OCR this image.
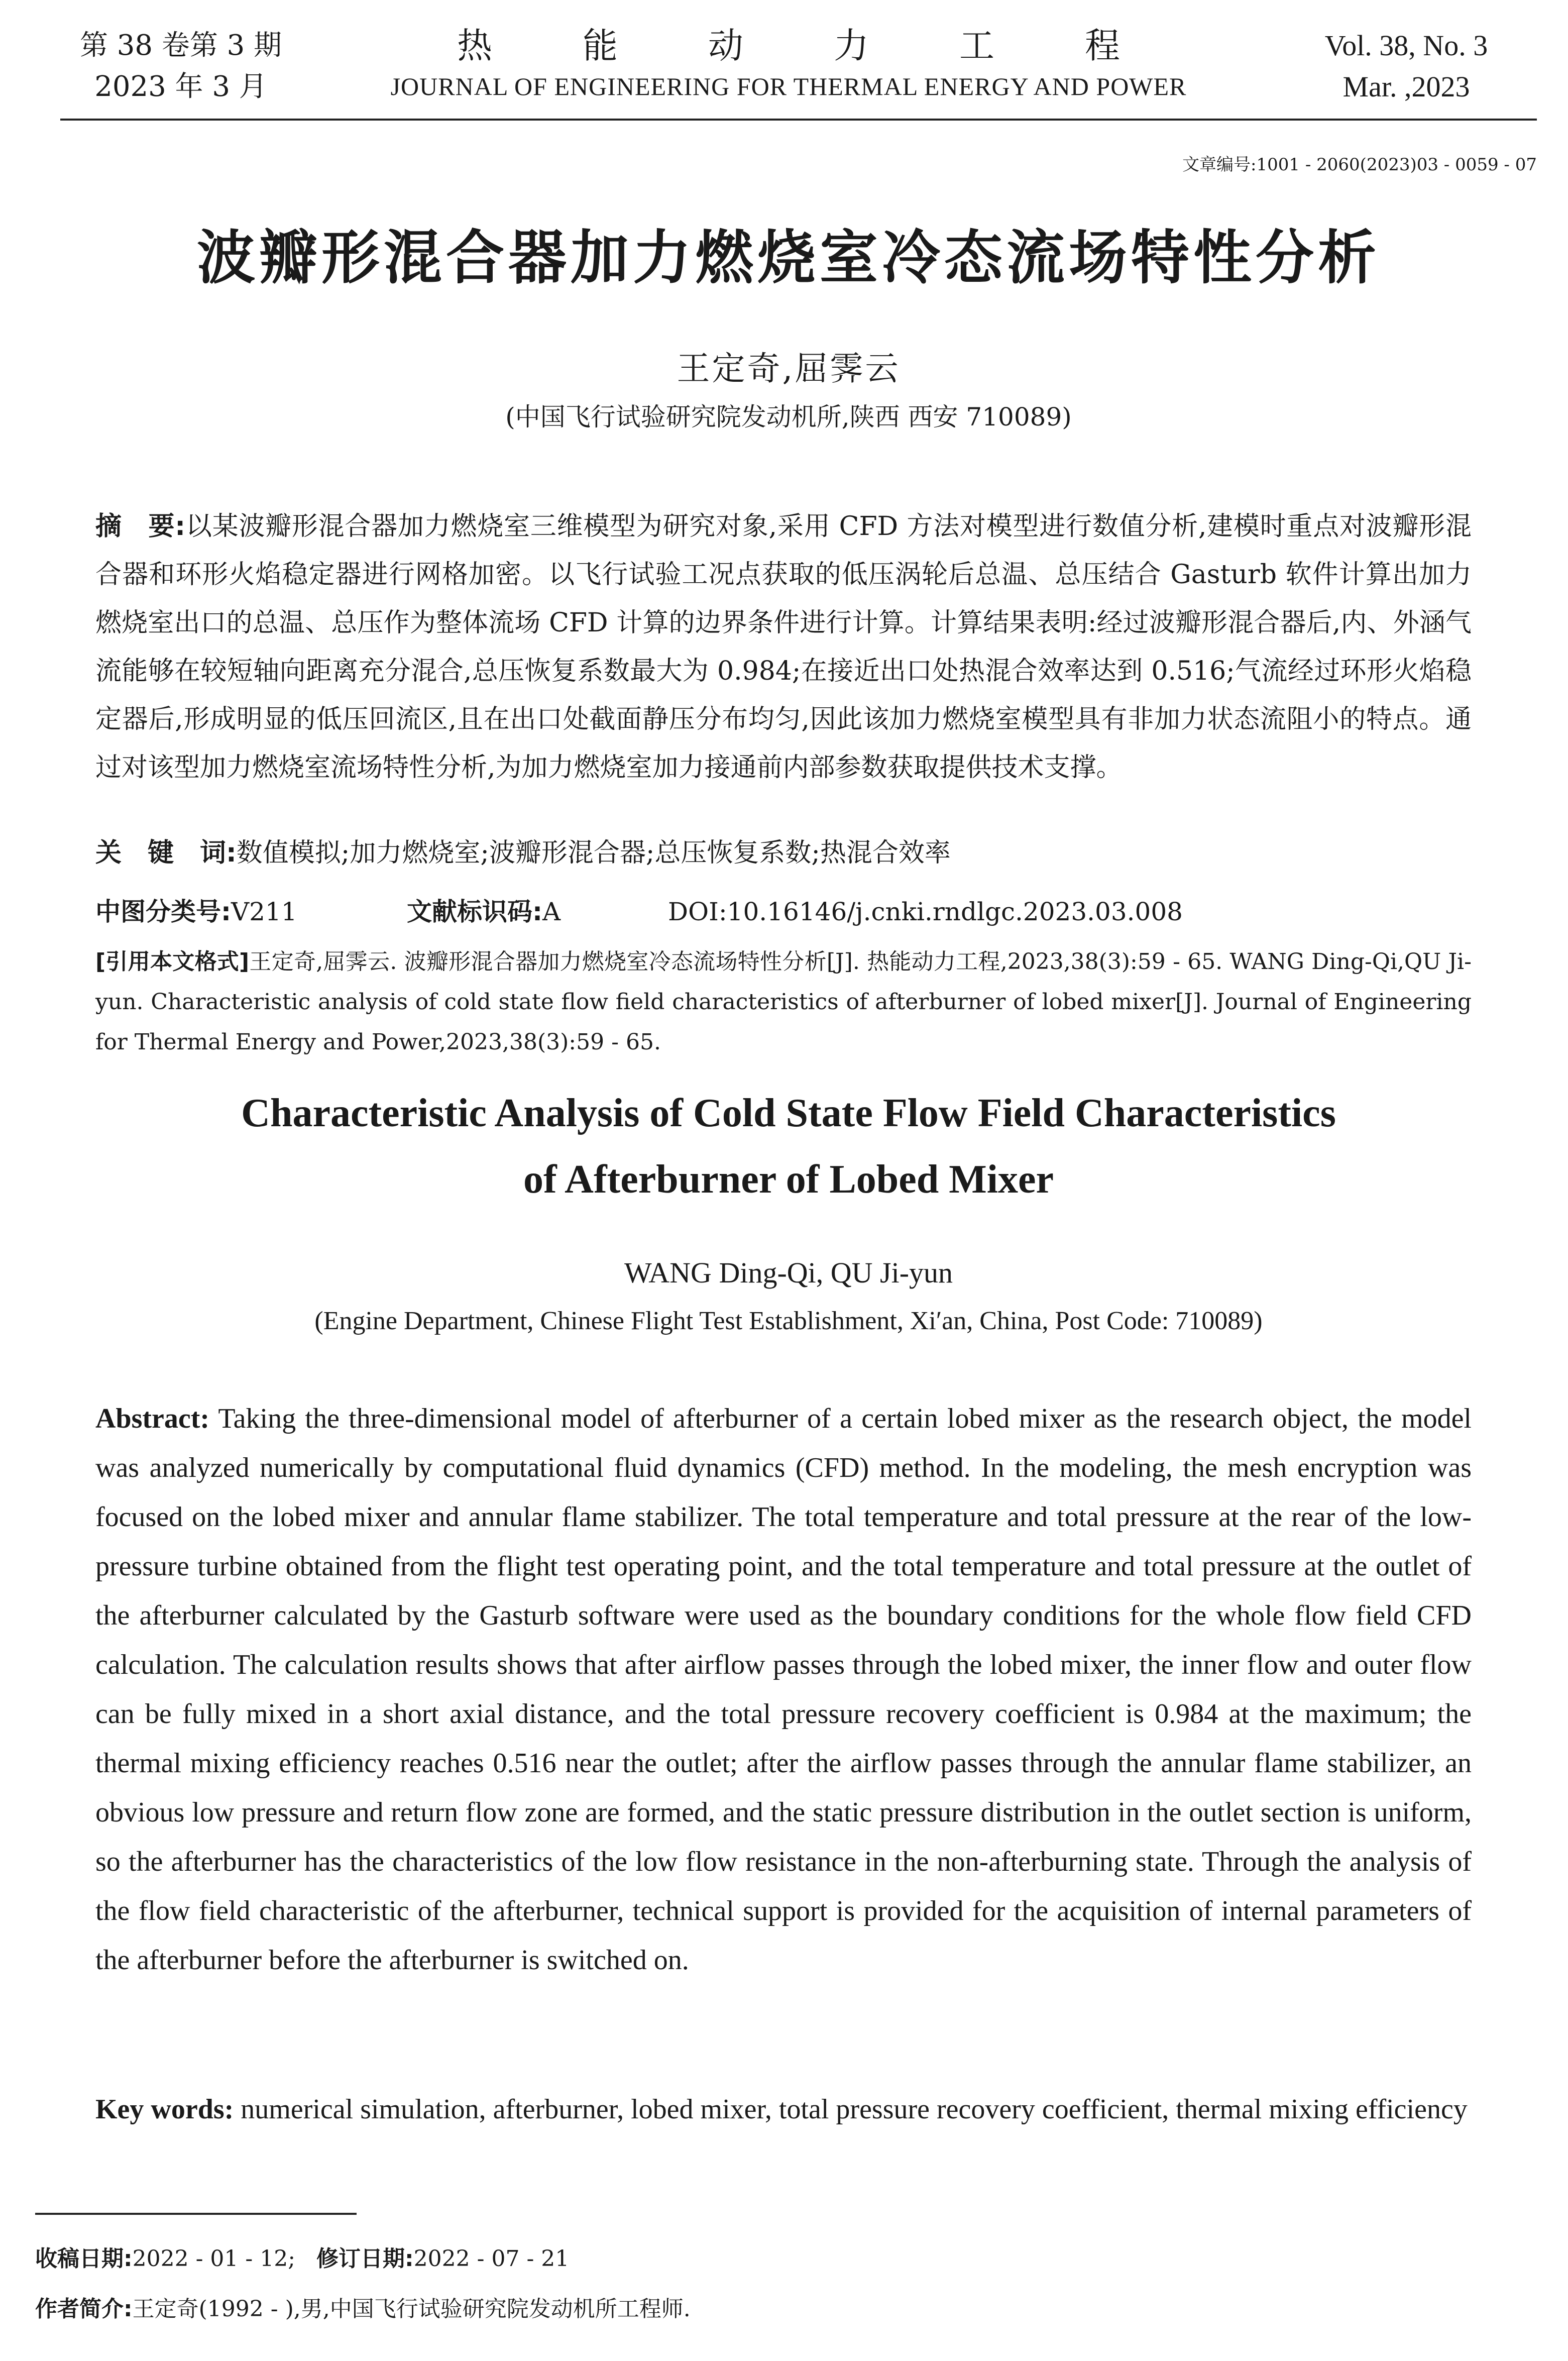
第 38 卷第 3 期
2023 年 3 月
热能动力工程
JOURNAL OF ENGINEERING FOR THERMAL ENERGY AND POWER
Vol. 38, No. 3
Mar. ,2023
文章编号:1001 - 2060(2023)03 - 0059 - 07
波瓣形混合器加力燃烧室冷态流场特性分析
王定奇,屈霁云
(中国飞行试验研究院发动机所,陕西 西安 710089)
摘　要:以某波瓣形混合器加力燃烧室三维模型为研究对象,采用 CFD 方法对模型进行数值分析,建模时重点对波瓣形混合器和环形火焰稳定器进行网格加密。以飞行试验工况点获取的低压涡轮后总温、总压结合 Gasturb 软件计算出加力燃烧室出口的总温、总压作为整体流场 CFD 计算的边界条件进行计算。计算结果表明:经过波瓣形混合器后,内、外涵气流能够在较短轴向距离充分混合,总压恢复系数最大为 0.984;在接近出口处热混合效率达到 0.516;气流经过环形火焰稳定器后,形成明显的低压回流区,且在出口处截面静压分布均匀,因此该加力燃烧室模型具有非加力状态流阻小的特点。通过对该型加力燃烧室流场特性分析,为加力燃烧室加力接通前内部参数获取提供技术支撑。
关　键　词:数值模拟;加力燃烧室;波瓣形混合器;总压恢复系数;热混合效率
中图分类号:V211	文献标识码:A	DOI:10.16146/j.cnki.rndlgc.2023.03.008
[引用本文格式]王定奇,屈霁云. 波瓣形混合器加力燃烧室冷态流场特性分析[J]. 热能动力工程,2023,38(3):59 - 65. WANG Ding-Qi,QU Ji-yun. Characteristic analysis of cold state flow field characteristics of afterburner of lobed mixer[J]. Journal of Engineering for Thermal Energy and Power,2023,38(3):59 - 65.
Characteristic Analysis of Cold State Flow Field Characteristics
of Afterburner of Lobed Mixer
WANG Ding-Qi, QU Ji-yun
(Engine Department, Chinese Flight Test Establishment, Xi′an, China, Post Code: 710089)
Abstract: Taking the three-dimensional model of afterburner of a certain lobed mixer as the research object, the model was analyzed numerically by computational fluid dynamics (CFD) method. In the modeling, the mesh encryption was focused on the lobed mixer and annular flame stabilizer. The total temperature and total pressure at the rear of the low-pressure turbine obtained from the flight test operating point, and the total temperature and total pressure at the outlet of the afterburner calculated by the Gasturb software were used as the boundary conditions for the whole flow field CFD calculation. The calculation results shows that after airflow passes through the lobed mixer, the inner flow and outer flow can be fully mixed in a short axial distance, and the total pressure recovery coefficient is 0.984 at the maximum; the thermal mixing efficiency reaches 0.516 near the outlet; after the airflow passes through the annular flame stabilizer, an obvious low pressure and return flow zone are formed, and the static pressure distribution in the outlet section is uniform, so the afterburner has the characteristics of the low flow resistance in the non-afterburning state. Through the analysis of the flow field characteristic of the afterburner, technical support is provided for the acquisition of internal parameters of the afterburner before the afterburner is switched on.
Key words: numerical simulation, afterburner, lobed mixer, total pressure recovery coefficient, thermal mixing efficiency
收稿日期:2022 - 01 - 12; 修订日期:2022 - 07 - 21
作者简介:王定奇(1992 - ),男,中国飞行试验研究院发动机所工程师.
